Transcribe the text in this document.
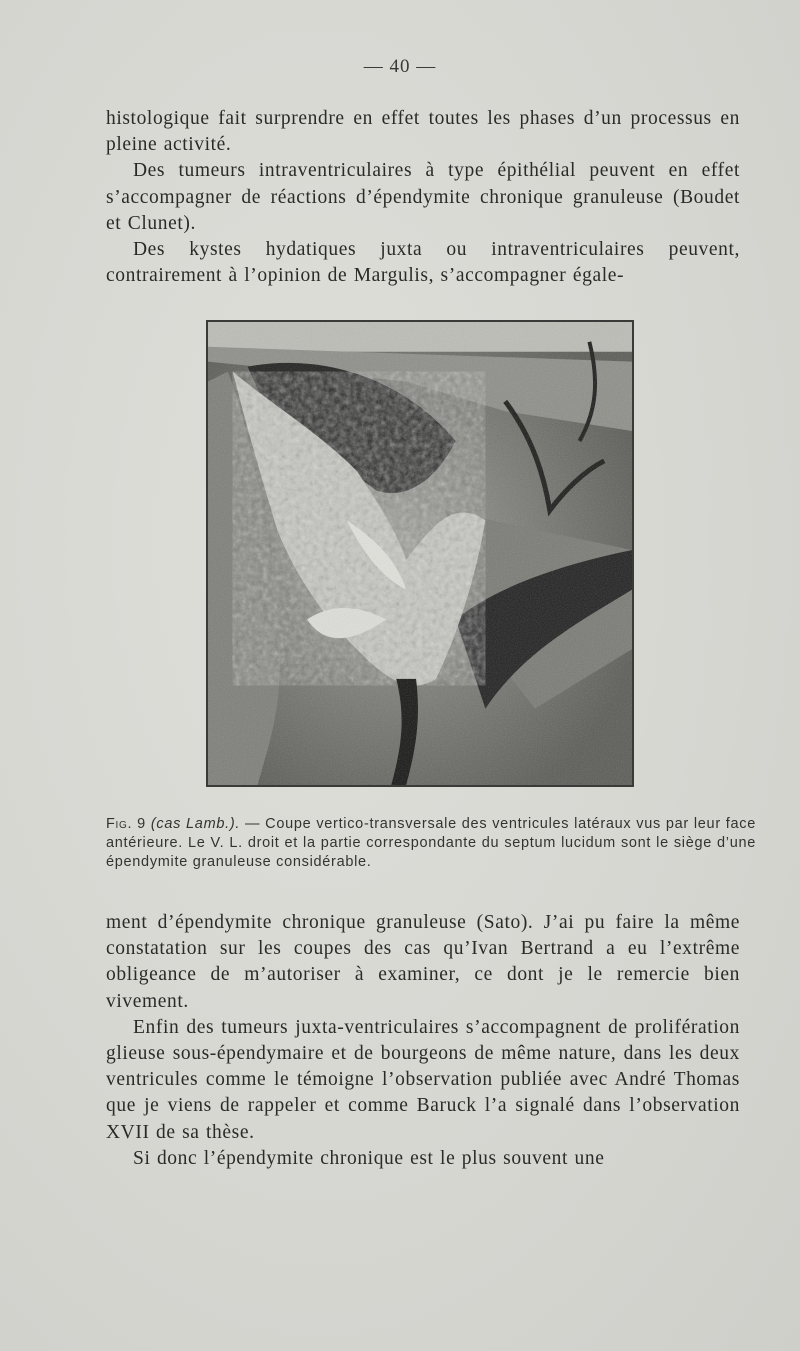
— 40 —

histologique fait surprendre en effet toutes les phases d’un processus en pleine activité.

Des tumeurs intraventriculaires à type épithélial peuvent en effet s’accompagner de réactions d’épendymite chronique granuleuse (Boudet et Clunet).

Des kystes hydatiques juxta ou intraventriculaires peuvent, contrairement à l’opinion de Margulis, s’accompagner égale-

Fig. 9 (cas Lamb.). — Coupe vertico-transversale des ventricules latéraux vus par leur face antérieure. Le V. L. droit et la partie correspondante du septum lucidum sont le siège d’une épendymite granuleuse considérable.

ment d’épendymite chronique granuleuse (Sato). J’ai pu faire la même constatation sur les coupes des cas qu’Ivan Bertrand a eu l’extrême obligeance de m’autoriser à examiner, ce dont je le remercie bien vivement.

Enfin des tumeurs juxta-ventriculaires s’accompagnent de prolifération glieuse sous-épendymaire et de bourgeons de même nature, dans les deux ventricules comme le témoigne l’observation publiée avec André Thomas que je viens de rappeler et comme Baruck l’a signalé dans l’observation XVII de sa thèse.

Si donc l’épendymite chronique est le plus souvent une
